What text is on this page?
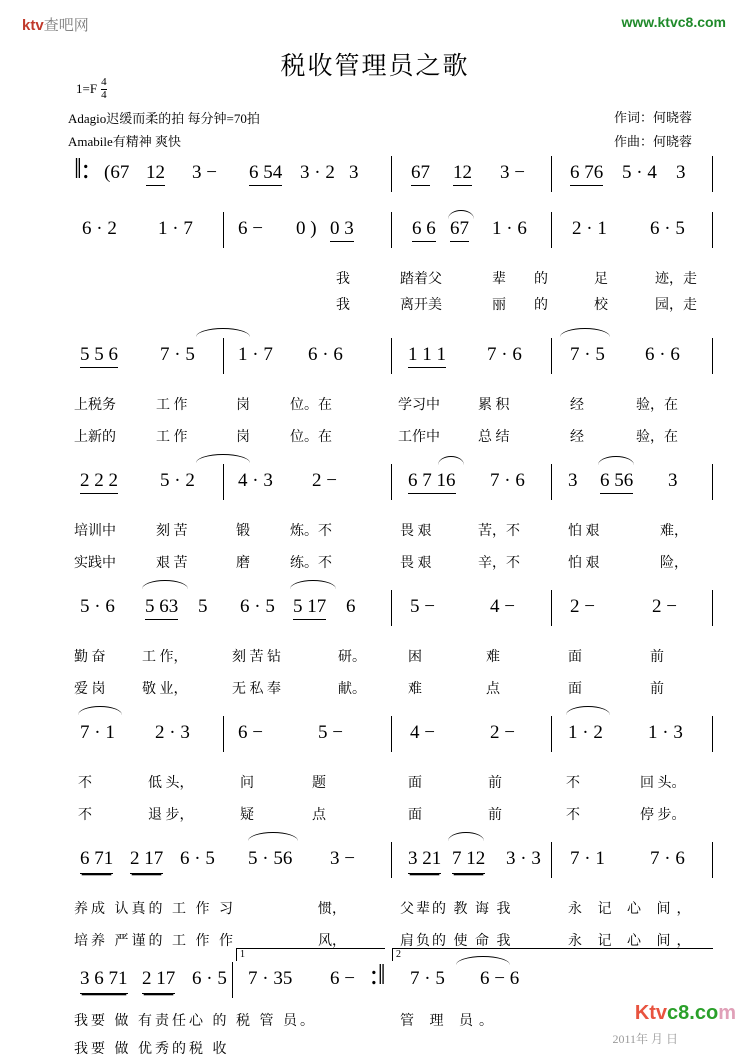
ktv查吧网	www.ktvc8.com
税收管理员之歌
$1=F \frac{4}{4}$
Adagio迟缓而柔的拍 每分钟=70拍
Amabile有精神 爽快
作词：何晓蓉
作曲：何晓蓉
‖: (67 12 3 − 6 54 3 · 2 3	67 12 3 − 6 76 5 · 4 3
6 · 2 1 · 7 6 − 0 ) 0 3	6 6 67 1 · 6 2 · 1 6 · 5
我	踏着父	辈 的	足	迹，走
我	离开美	丽 的	校	园，走
5 5 6 7 · 5 1 · 7 6 · 6	1 1 1 7 · 6	7 · 5 6 · 6
上税务	工 作	岗	位。在	学习中	累 积	经	验，在
上新的	工 作	岗	位。在	工作中	总 结	经	验，在
2 2 2 5 · 2 4 · 3 2 −	6 7 16 7 · 6 3 6 56 3
培训中	刻 苦	锻	炼。不	畏 艰	苦，不	怕 艰	难，
实践中	艰 苦	磨	练。不	畏 艰	辛，不	怕 艰	险，
5 · 6 5 63 5 6 · 5 5 17 6	5 −	4 −	2 −	2 −
勤 奋	工 作，	刻 苦 钻	研。	困	难	面	前
爱 岗	敬 业，	无 私 奉	献。	难	点	面	前
7 · 1 2 · 3	6 −	5 −	4 −	2 −	1 · 2 1 · 3
不	低 头，	问	题	面	前	不	回 头。
不	退 步，	疑	点	面	前	不	停 步。
6 71 2 17 6 · 5 5 · 56 3 −	3 21 7 12 3 · 3 7 · 1 7 · 6
养成 认真的 工 作 习	惯，	父辈的 教 诲 我	永 记 心 间，
培养 严谨的 工 作 作	风，	肩负的 使 命 我	永 记 心 间，
1	2
3 6 71 2 17 6 · 5 7 · 35 6 − :‖ 7 · 5 6 − 6
我要 做 有责任心 的 税 管 员。	管 理 员。
我要 做 优秀的税 收
Ktvc8.com
2011年 月 日
